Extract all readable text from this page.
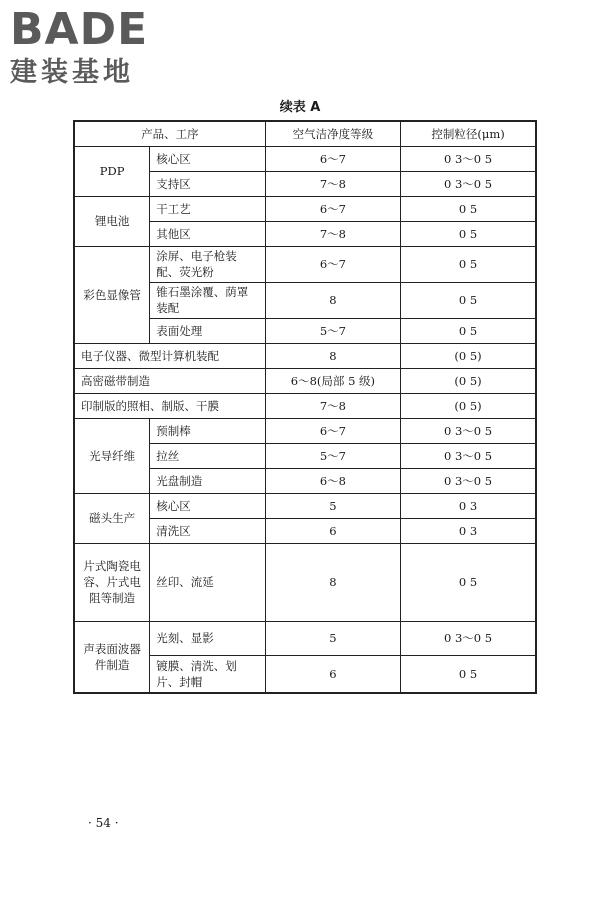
BADE
建装基地
续表 A
产品、工序		空气洁净度等级	控制粒径(μm)
PDP	核心区	6～7	0 3～0 5
	支持区	7～8	0 3～0 5
锂电池	干工艺	6～7	0 5
	其他区	7～8	0 5
彩色显像管	涂屏、电子枪装配、荧光粉	6～7	0 5
	锥石墨涂覆、荫罩装配	8	0 5
	表面处理	5～7	0 5
电子仪器、微型计算机装配		8	(0 5)
高密磁带制造		6～8(局部 5 级)	(0 5)
印制版的照相、制版、干膜		7～8	(0 5)
光导纤维	预制棒	6～7	0 3～0 5
	拉丝	5～7	0 3～0 5
	光盘制造	6～8	0 3～0 5
磁头生产	核心区	5	0 3
	清洗区	6	0 3
片式陶瓷电容、片式电阻等制造	丝印、流延	8	0 5
声表面波器件制造	光刻、显影	5	0 3～0 5
	镀膜、清洗、划片、封帽	6	0 5
· 54 ·
